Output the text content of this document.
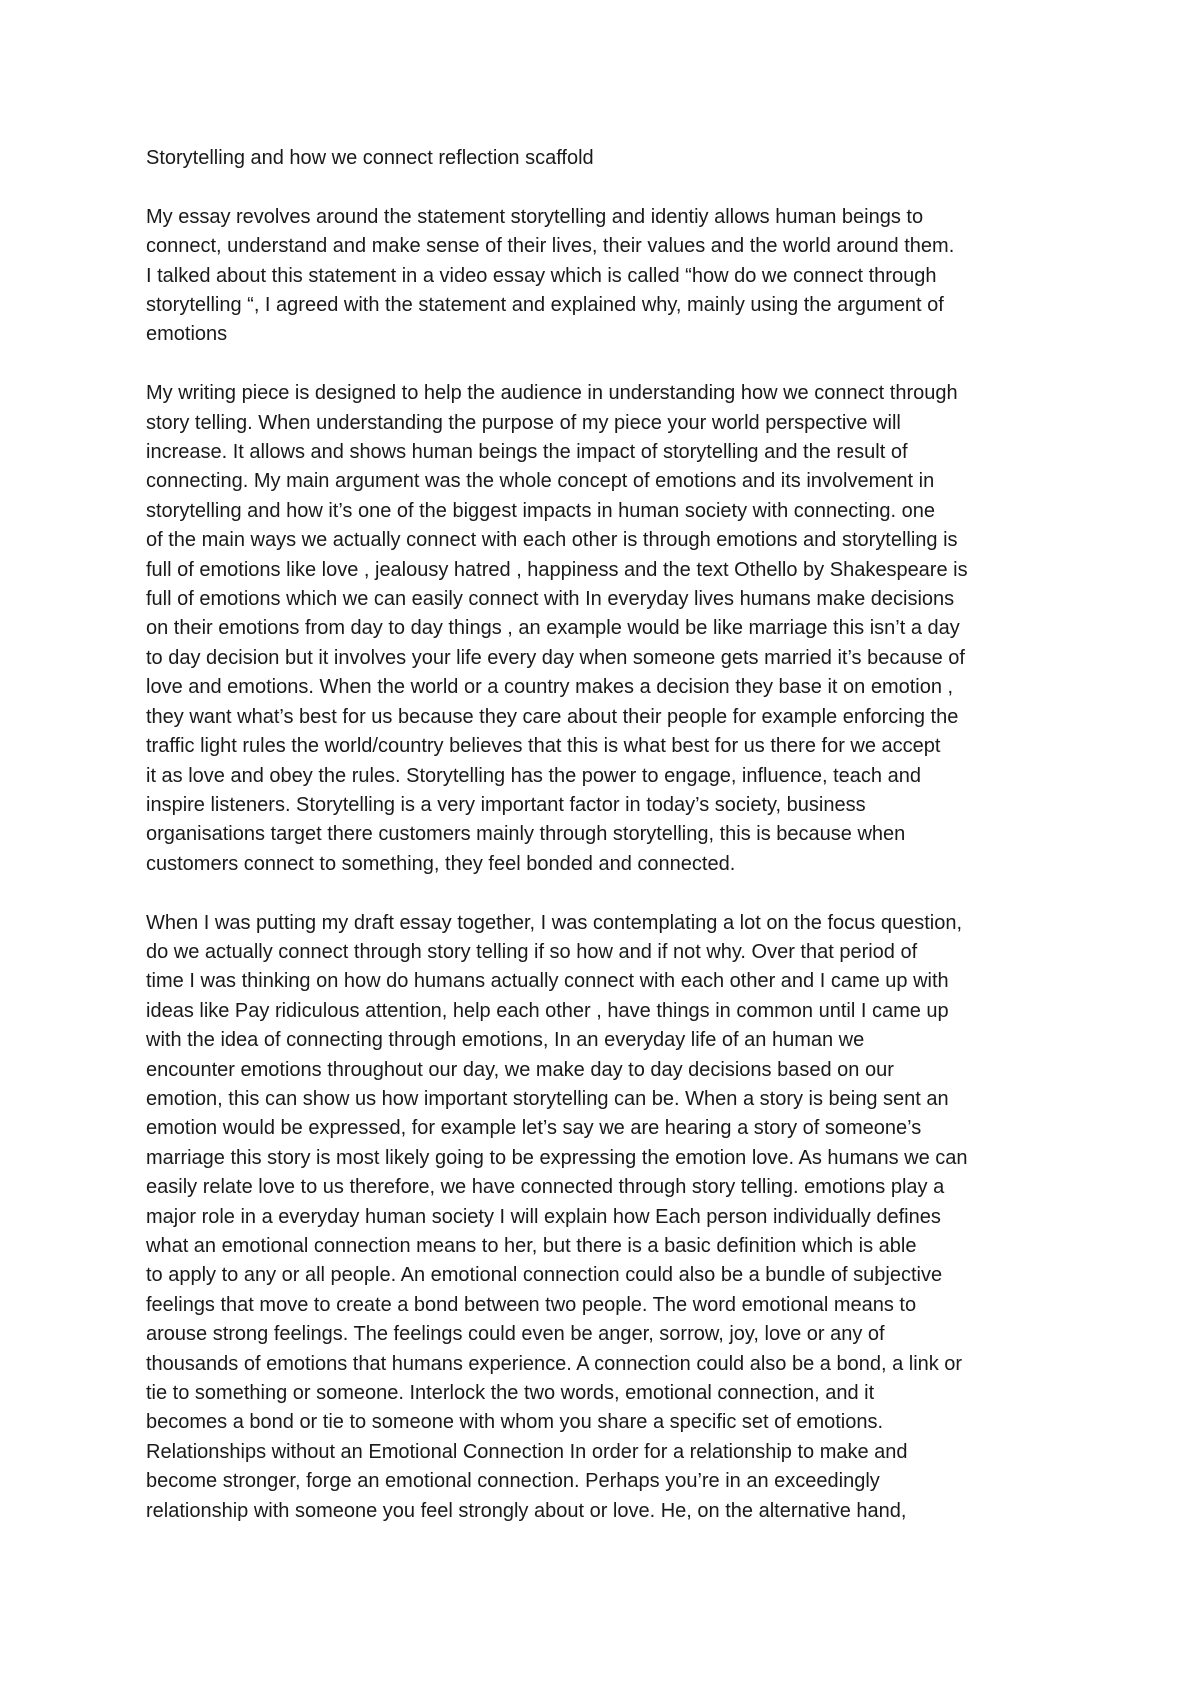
Storytelling and how we connect reflection scaffold
My essay revolves around the statement storytelling and identiy allows human beings to
connect, understand and make sense of their lives, their values and the world around them.
I talked about this statement in a video essay which is called “how do we connect through
storytelling “, I agreed with the statement and explained why, mainly using the argument of
emotions
My writing piece is designed to help the audience in understanding how we connect through
story telling. When understanding the purpose of my piece your world perspective will
increase. It allows and shows human beings the impact of storytelling and the result of
connecting. My main argument was the whole concept of emotions and its involvement in
storytelling and how it’s one of the biggest impacts in human society with connecting. one
of the main ways we actually connect with each other is through emotions and storytelling is
full of emotions like love , jealousy hatred , happiness and the text Othello by Shakespeare is
full of emotions which we can easily connect with In everyday lives humans make decisions
on their emotions from day to day things , an example would be like marriage this isn’t a day
to day decision but it involves your life every day when someone gets married it’s because of
love and emotions. When the world or a country makes a decision they base it on emotion ,
they want what’s best for us because they care about their people for example enforcing the
traffic light rules the world/country believes that this is what best for us there for we accept
it as love and obey the rules. Storytelling has the power to engage, influence, teach and
inspire listeners. Storytelling is a very important factor in today’s society, business
organisations target there customers mainly through storytelling, this is because when
customers connect to something, they feel bonded and connected.
When I was putting my draft essay together, I was contemplating a lot on the focus question,
do we actually connect through story telling if so how and if not why. Over that period of
time I was thinking on how do humans actually connect with each other and I came up with
ideas like Pay ridiculous attention, help each other , have things in common until I came up
with the idea of connecting through emotions, In an everyday life of an human we
encounter emotions throughout our day, we make day to day decisions based on our
emotion, this can show us how important storytelling can be. When a story is being sent an
emotion would be expressed, for example let’s say we are hearing a story of someone’s
marriage this story is most likely going to be expressing the emotion love. As humans we can
easily relate love to us therefore, we have connected through story telling. emotions play a
major role in a everyday human society I will explain how Each person individually defines
what an emotional connection means to her, but there is a basic definition which is able
to apply to any or all people. An emotional connection could also be a bundle of subjective
feelings that move to create a bond between two people. The word emotional means to
arouse strong feelings. The feelings could even be anger, sorrow, joy, love or any of
thousands of emotions that humans experience. A connection could also be a bond, a link or
tie to something or someone. Interlock the two words, emotional connection, and it
becomes a bond or tie to someone with whom you share a specific set of emotions.
Relationships without an Emotional Connection In order for a relationship to make and
become stronger, forge an emotional connection. Perhaps you’re in an exceedingly
relationship with someone you feel strongly about or love. He, on the alternative hand,
